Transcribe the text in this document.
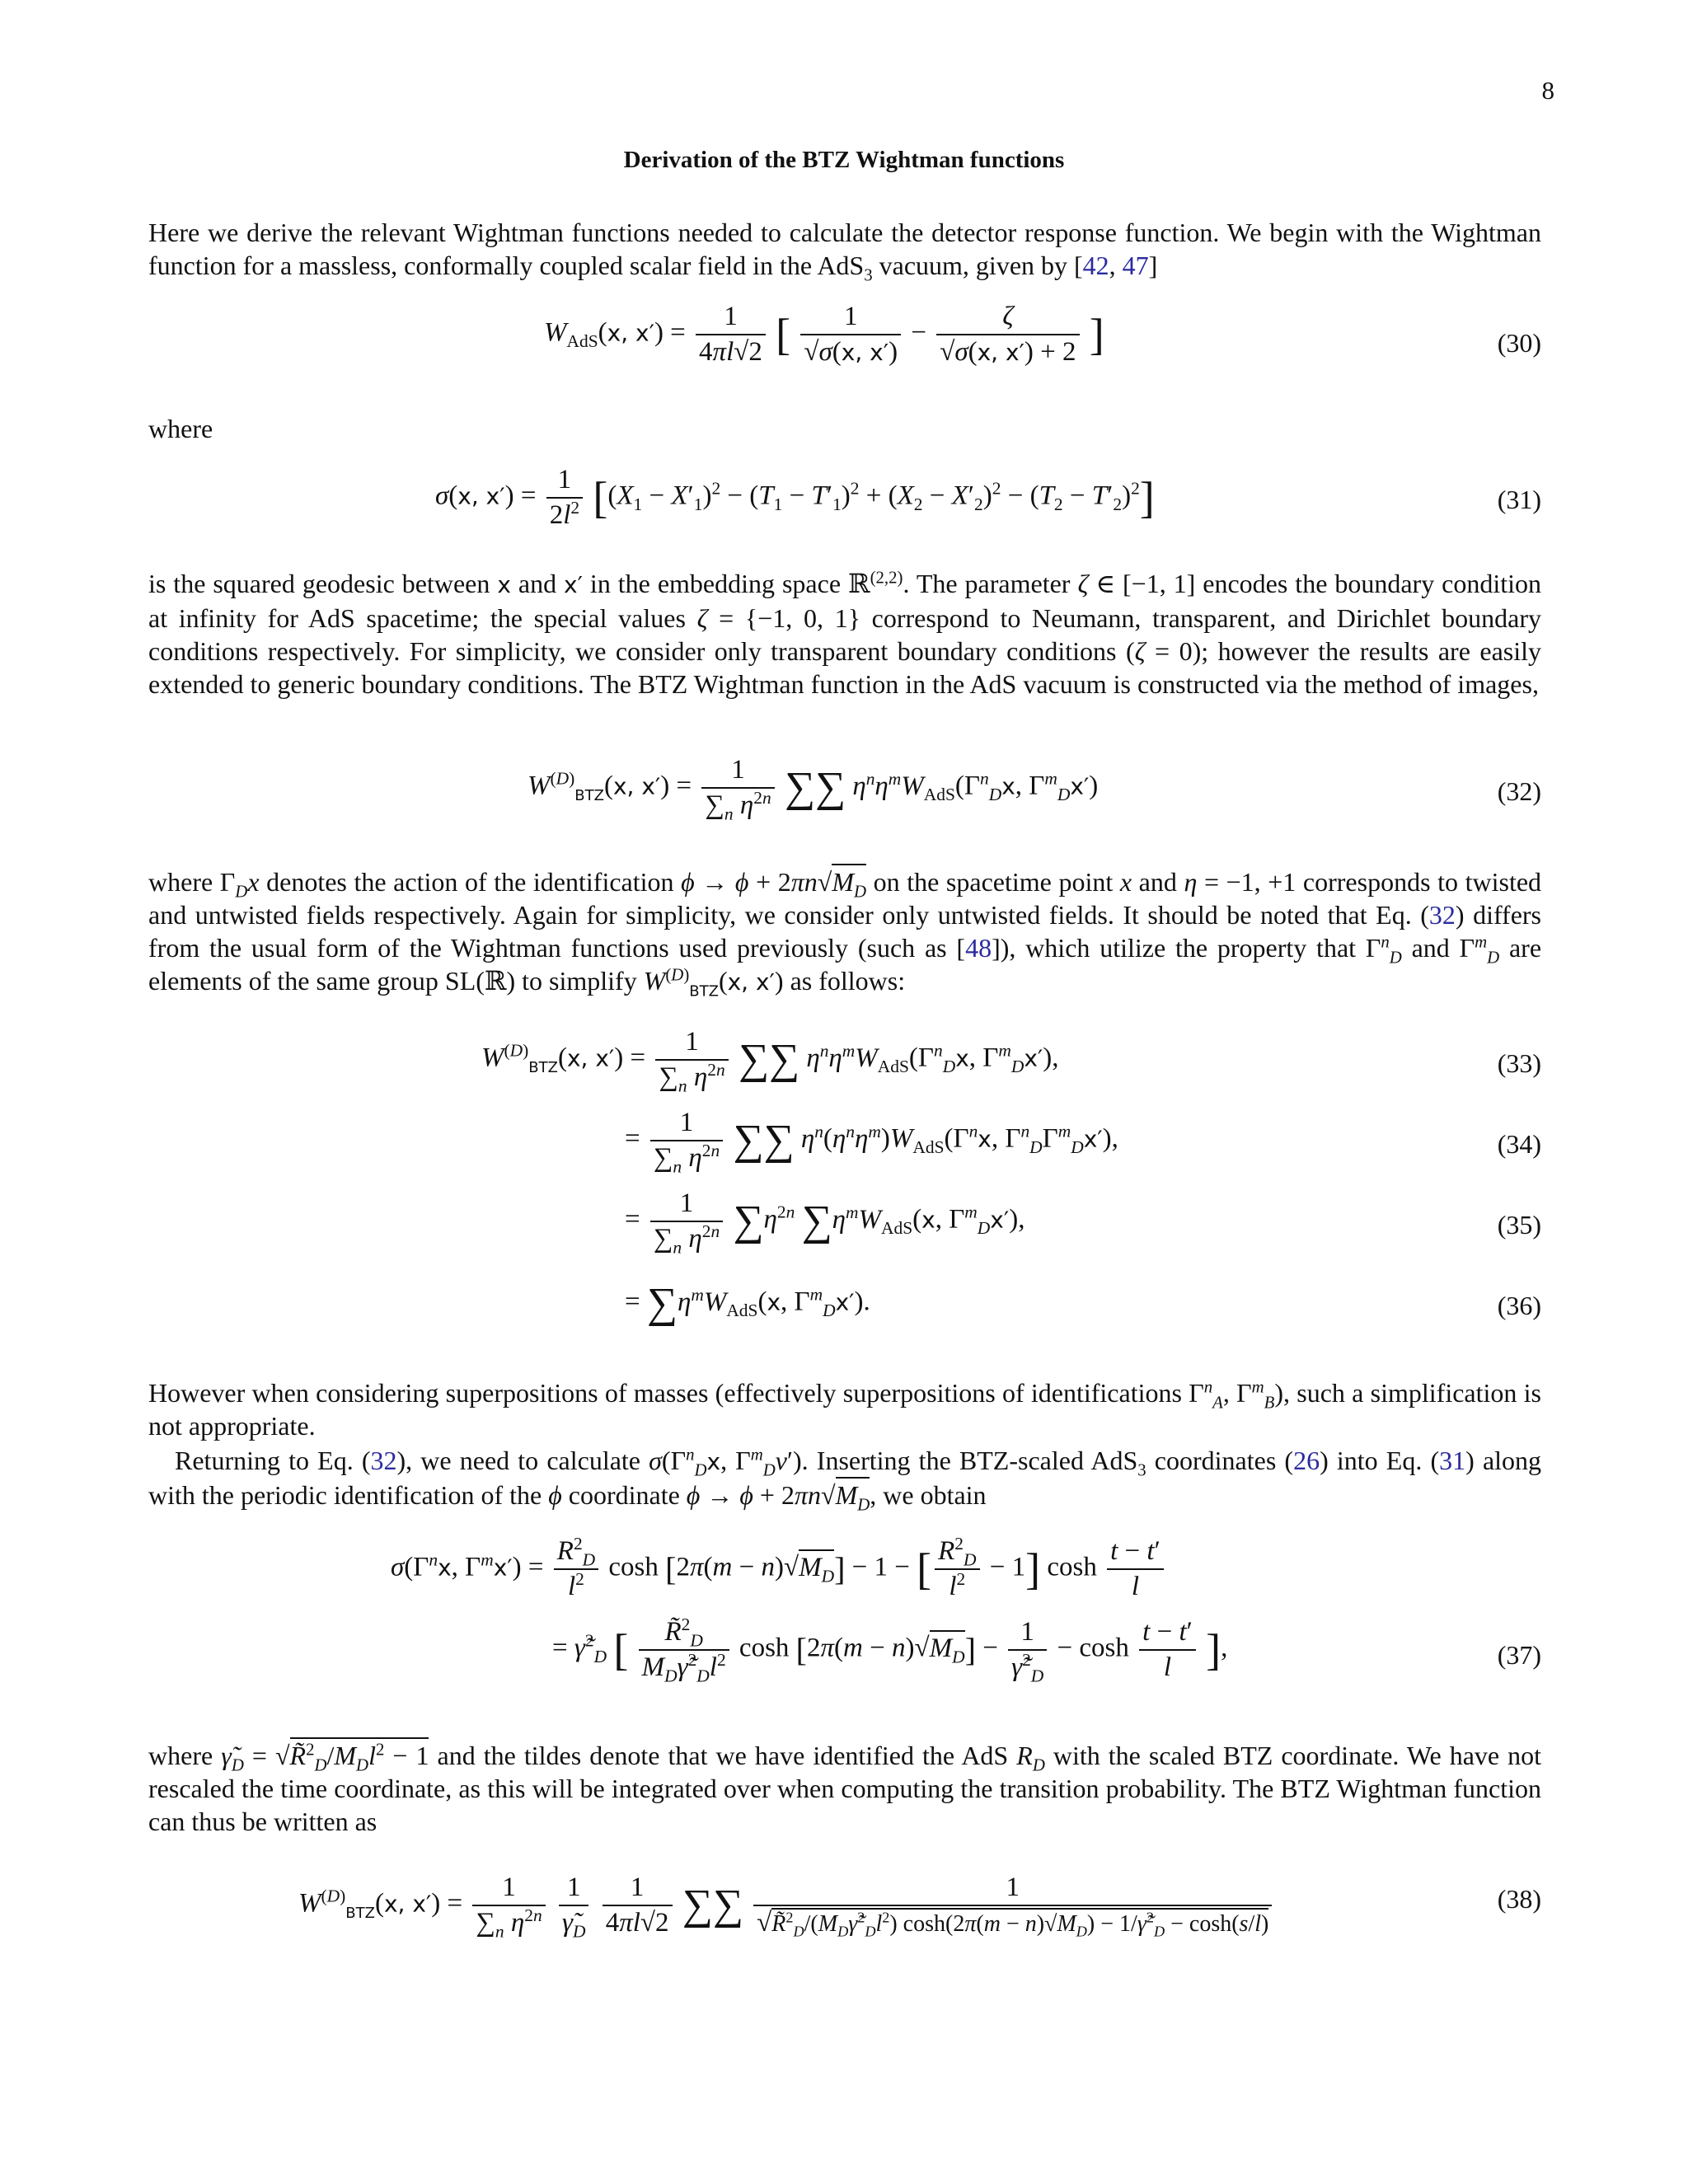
8
Derivation of the BTZ Wightman functions

Here we derive the relevant Wightman functions needed to calculate the detector response function. We begin with the Wightman function for a massless, conformally coupled scalar field in the AdS$_3$ vacuum, given by [42, 47]

$W_{AdS}(x$, $x') = \frac{1}{4\pi l√2}$ [ $\frac{1}{√\sigma(x, x')} - \frac{\zeta}{√\sigma(x, x') + 2}$ ]	(30)

where

σ(x, $x') = \frac{1}{2l^2} [(X_1 - X'_1)^2 - (T_1 - T'_1)^2 + (X_2 - X'_2)^2 - (T_2 - T'_2)^2]$	(31)

is the squared geodesic between x and x′ in the embedding space ℝ$^{(2,2)}$. The parameter ζ ∈ [−1, 1] encodes the boundary condition at infinity for AdS spacetime; the special values ζ = {−1, 0, 1} correspond to Neumann, transparent, and Dirichlet boundary conditions respectively. For simplicity, we consider only transparent boundary conditions (ζ = 0); however the results are easily extended to generic boundary conditions. The BTZ Wightman function in the AdS vacuum is constructed via the method of images,

$W^{(D)}_{BTZ}(x$, $x') = \frac{1}{\sum_n \eta^{2n}}$ ∑∑ $\eta^n\eta^mW_{AdS}(\Gamma^n_Dx$, $\Gamma^m_Dx'$)	(32)

where $\Gamma_Dx$ denotes the action of the identification $\phi \to \phi + 2\pi n√M_D$ on the spacetime point x and η = −1, +1 corresponds to twisted and untwisted fields respectively. Again for simplicity, we consider only untwisted fields. It should be noted that Eq. (32) differs from the usual form of the Wightman functions used previously (such as [48]), which utilize the property that $\Gamma^n_D$ and $\Gamma^m_D$ are elements of the same group SL(ℝ) to simplify $W^{(D)}_{BTZ}(x$, x′) as follows:

$W^{(D)}_{BTZ}(x$, $x') = \frac{1}{\sum_n \eta^{2n}}$ ∑∑ $\eta^n\eta^mW_{AdS}(\Gamma^n_Dx$, $\Gamma^m_Dx'$),	(33)
= $\frac{1}{\sum_n \eta^{2n}}$ ∑∑ $\eta^n(\eta^n\eta^m)W_{AdS}(\Gamma^nx$, $\Gamma^n_D\Gamma^m_Dx'$),	(34)
= $\frac{1}{\sum_n \eta^{2n}} \sum\eta^{2n}$ $\sum\eta^mW_{AdS}(x$, $\Gamma^m_Dx'$),	(35)
= $\sum\eta^mW_{AdS}(x$, $\Gamma^m_Dx'$).	(36)

However when considering superpositions of masses (effectively superpositions of identifications $\Gamma^n_A$, $\Gamma^m_B$), such a simplification is not appropriate.

Returning to Eq. (32), we need to calculate $\sigma(\Gamma^n_Dx$, $\Gamma^m_Dv'$). Inserting the BTZ-scaled AdS$_3$ coordinates (26) into Eq. (31) along with the periodic identification of the ϕ coordinate $\phi \to \phi + 2\pi n√M_D$, we obtain

$\sigma(\Gamma^nx$, $\Gamma^mx') = \frac{R^2_D}{l^2}$ $\cosh [2\pi(m - n)√M_D] - 1$ − [ $\frac{R^2_D}{l^2} - 1$] $\cosh \frac{t - t'}{l}$
= γ̃$^2_D$ [ $\frac{R̃^2_D}{M_D\gammã^2_Dl^2}$ $\cosh [2\pi(m - n)√M_D] - \frac{1}{\gammã^2_D} - \cosh \frac{t - t'}{l}$ ],	(37)

where $\gammã_D$ = $√R̃^2_D/M_Dl^2 - 1$ and the tildes denote that we have identified the AdS $R_D$ with the scaled BTZ coordinate. We have not rescaled the time coordinate, as this will be integrated over when computing the transition probability. The BTZ Wightman function can thus be written as

$W^{(D)}_{BTZ}(x$, $x') = \frac{1}{\sum_n \eta^{2n}}$
$\frac{1}{\gammã_D}$
$\frac{1}{4\pi l√2}$ ∑∑ $\frac{1}{√R̃^2_D/(M_D\gammã^2_Dl^2) \cosh(2\pi(m - n)√M_D) - 1/\gammã^2_D - \cosh(s/l)}$	(38)
